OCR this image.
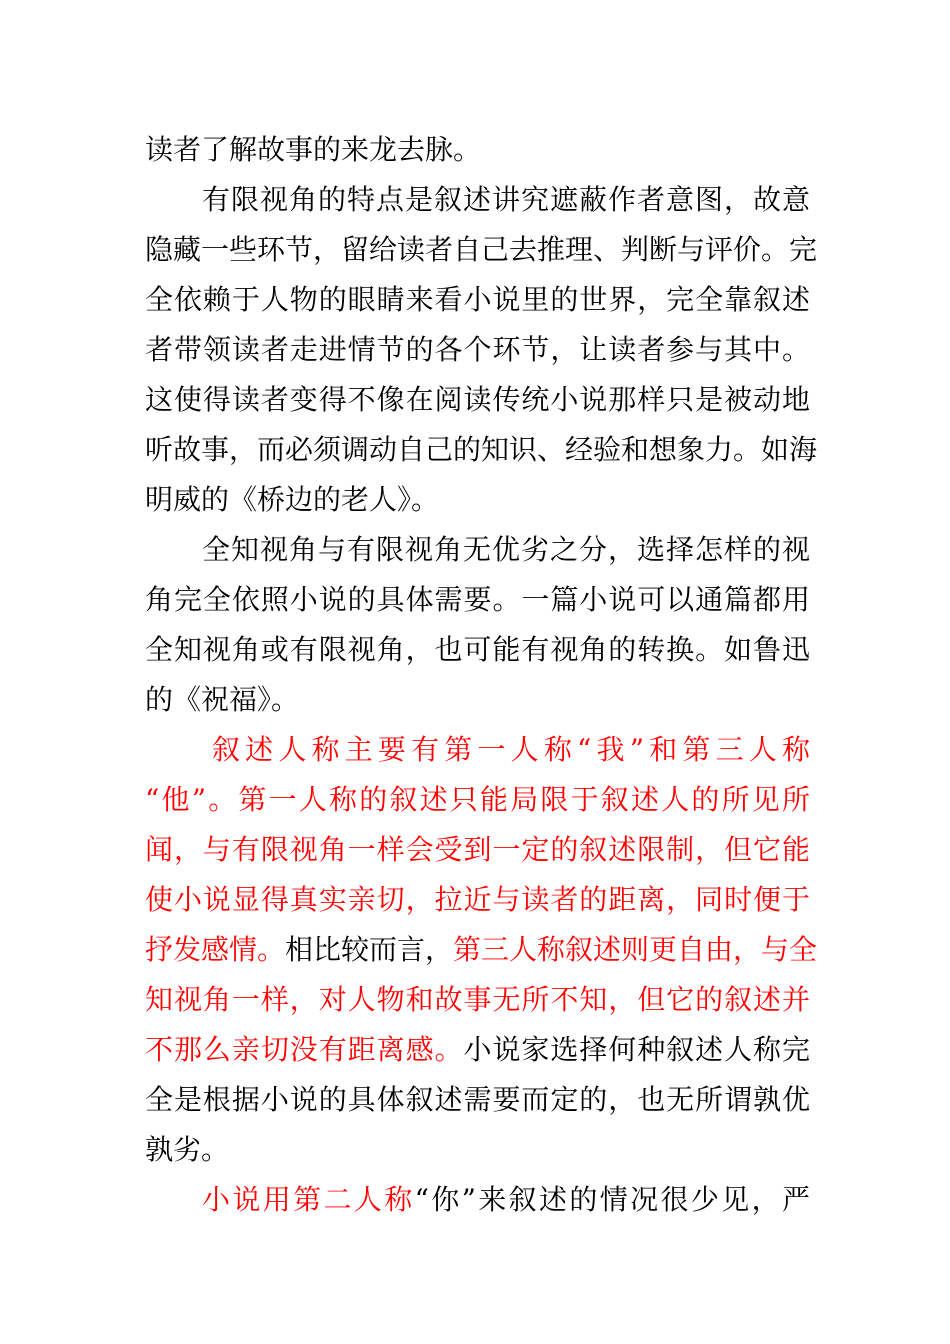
读者了解故事的来龙去脉。
有限视角的特点是叙述讲究遮蔽作者意图，故意
隐藏一些环节，留给读者自己去推理、判断与评价。完
全依赖于人物的眼睛来看小说里的世界，完全靠叙述
者带领读者走进情节的各个环节，让读者参与其中。
这使得读者变得不像在阅读传统小说那样只是被动地
听故事，而必须调动自己的知识、经验和想象力。如海
明威的《桥边的老人》。
全知视角与有限视角无优劣之分，选择怎样的视
角完全依照小说的具体需要。一篇小说可以通篇都用
全知视角或有限视角，也可能有视角的转换。如鲁迅
的《祝福》。
叙述人称主要有第一人称“我”和第三人称
“他”。第一人称的叙述只能局限于叙述人的所见所
闻，与有限视角一样会受到一定的叙述限制，但它能
使小说显得真实亲切，拉近与读者的距离，同时便于
抒发感情。相比较而言，第三人称叙述则更自由，与全
知视角一样，对人物和故事无所不知，但它的叙述并
不那么亲切没有距离感。小说家选择何种叙述人称完
全是根据小说的具体叙述需要而定的，也无所谓孰优
孰劣。
小说用第二人称“你”来叙述的情况很少见，严
